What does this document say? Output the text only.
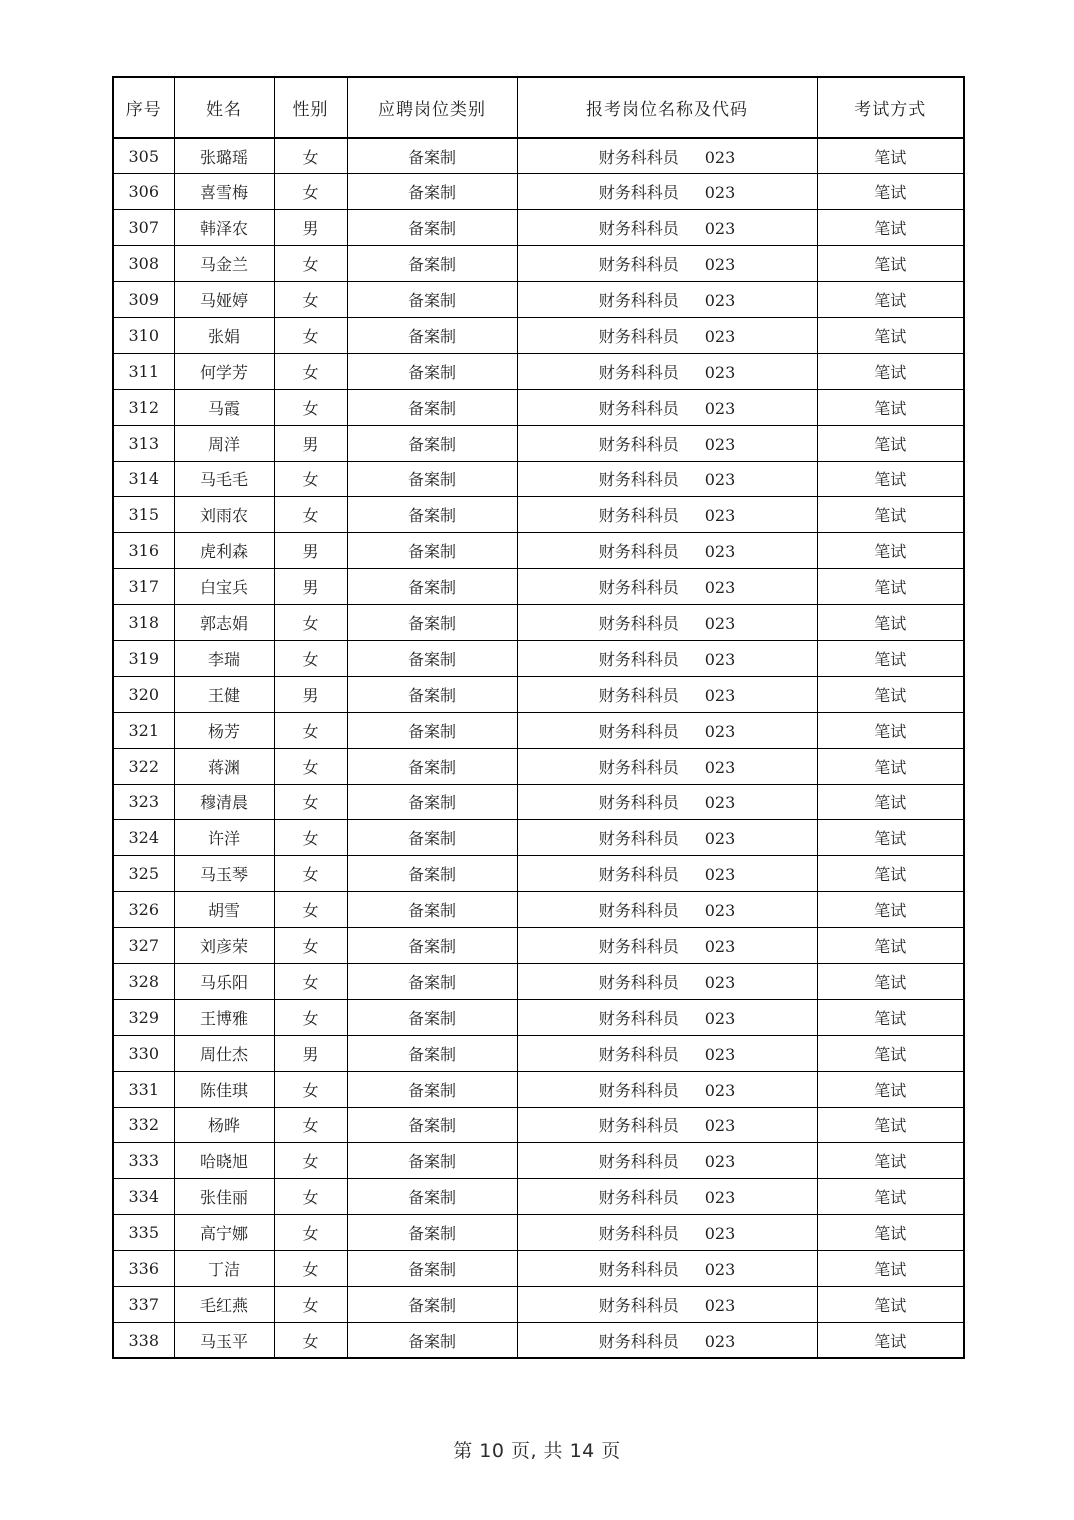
序号	姓名	性别	应聘岗位类别	报考岗位名称及代码	考试方式
305	张璐瑶	女	备案制	财务科科员 023	笔试
306	喜雪梅	女	备案制	财务科科员 023	笔试
307	韩泽农	男	备案制	财务科科员 023	笔试
308	马金兰	女	备案制	财务科科员 023	笔试
309	马娅婷	女	备案制	财务科科员 023	笔试
310	张娟	女	备案制	财务科科员 023	笔试
311	何学芳	女	备案制	财务科科员 023	笔试
312	马霞	女	备案制	财务科科员 023	笔试
313	周洋	男	备案制	财务科科员 023	笔试
314	马毛毛	女	备案制	财务科科员 023	笔试
315	刘雨农	女	备案制	财务科科员 023	笔试
316	虎利森	男	备案制	财务科科员 023	笔试
317	白宝兵	男	备案制	财务科科员 023	笔试
318	郭志娟	女	备案制	财务科科员 023	笔试
319	李瑞	女	备案制	财务科科员 023	笔试
320	王健	男	备案制	财务科科员 023	笔试
321	杨芳	女	备案制	财务科科员 023	笔试
322	蒋渊	女	备案制	财务科科员 023	笔试
323	穆清晨	女	备案制	财务科科员 023	笔试
324	许洋	女	备案制	财务科科员 023	笔试
325	马玉琴	女	备案制	财务科科员 023	笔试
326	胡雪	女	备案制	财务科科员 023	笔试
327	刘彦荣	女	备案制	财务科科员 023	笔试
328	马乐阳	女	备案制	财务科科员 023	笔试
329	王博雅	女	备案制	财务科科员 023	笔试
330	周仕杰	男	备案制	财务科科员 023	笔试
331	陈佳琪	女	备案制	财务科科员 023	笔试
332	杨晔	女	备案制	财务科科员 023	笔试
333	哈晓旭	女	备案制	财务科科员 023	笔试
334	张佳丽	女	备案制	财务科科员 023	笔试
335	高宁娜	女	备案制	财务科科员 023	笔试
336	丁洁	女	备案制	财务科科员 023	笔试
337	毛红燕	女	备案制	财务科科员 023	笔试
338	马玉平	女	备案制	财务科科员 023	笔试
第 10 页, 共 14 页
